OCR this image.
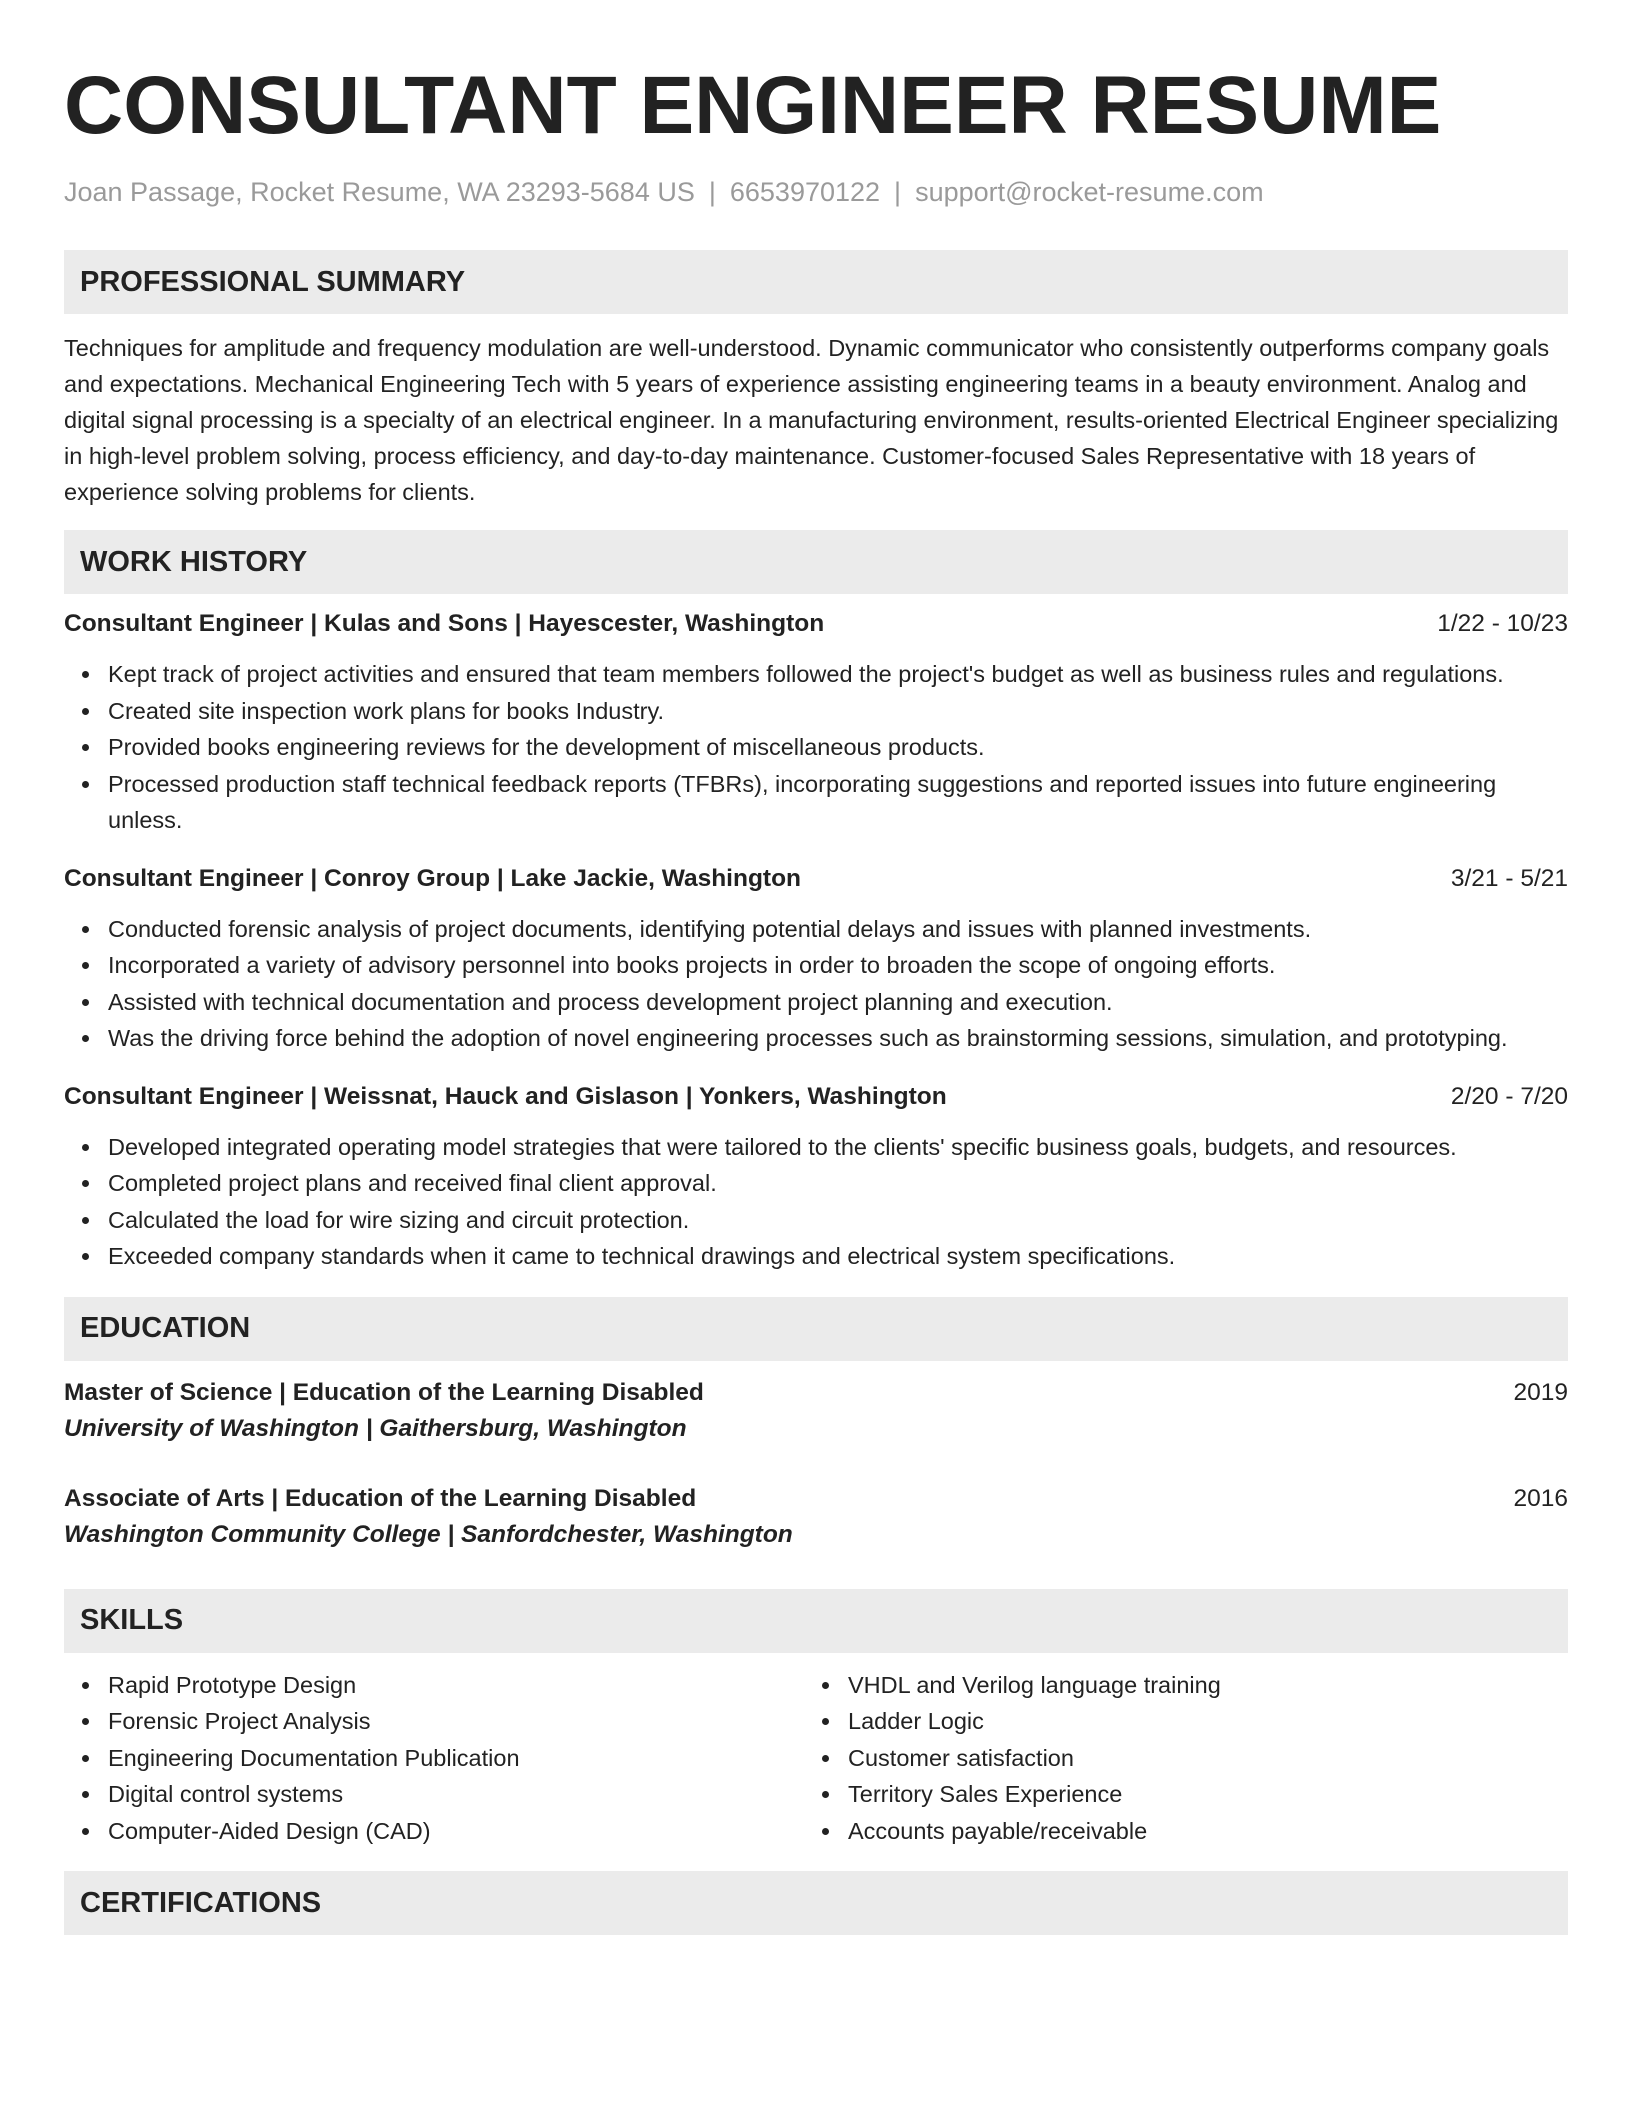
CONSULTANT ENGINEER RESUME
Joan Passage, Rocket Resume, WA 23293-5684 US | 6653970122 | support@rocket-resume.com
PROFESSIONAL SUMMARY

Techniques for amplitude and frequency modulation are well-understood. Dynamic communicator who consistently outperforms company goals and expectations. Mechanical Engineering Tech with 5 years of experience assisting engineering teams in a beauty environment. Analog and digital signal processing is a specialty of an electrical engineer. In a manufacturing environment, results-oriented Electrical Engineer specializing in high-level problem solving, process efficiency, and day-to-day maintenance. Customer-focused Sales Representative with 18 years of experience solving problems for clients.

WORK HISTORY
Consultant Engineer | Kulas and Sons | Hayescester, Washington	1/22 - 10/23
Kept track of project activities and ensured that team members followed the project's budget as well as business rules and regulations.
Created site inspection work plans for books Industry.
Provided books engineering reviews for the development of miscellaneous products.
Processed production staff technical feedback reports (TFBRs), incorporating suggestions and reported issues into future engineering unless.
Consultant Engineer | Conroy Group | Lake Jackie, Washington	3/21 - 5/21
Conducted forensic analysis of project documents, identifying potential delays and issues with planned investments.
Incorporated a variety of advisory personnel into books projects in order to broaden the scope of ongoing efforts.
Assisted with technical documentation and process development project planning and execution.
Was the driving force behind the adoption of novel engineering processes such as brainstorming sessions, simulation, and prototyping.
Consultant Engineer | Weissnat, Hauck and Gislason | Yonkers, Washington	2/20 - 7/20
Developed integrated operating model strategies that were tailored to the clients' specific business goals, budgets, and resources.
Completed project plans and received final client approval.
Calculated the load for wire sizing and circuit protection.
Exceeded company standards when it came to technical drawings and electrical system specifications.
EDUCATION
Master of Science | Education of the Learning Disabled	2019
University of Washington | Gaithersburg, Washington
Associate of Arts | Education of the Learning Disabled	2016
Washington Community College | Sanfordchester, Washington
SKILLS
Rapid Prototype Design
Forensic Project Analysis
Engineering Documentation Publication
Digital control systems
Computer-Aided Design (CAD)
VHDL and Verilog language training
Ladder Logic
Customer satisfaction
Territory Sales Experience
Accounts payable/receivable
CERTIFICATIONS
